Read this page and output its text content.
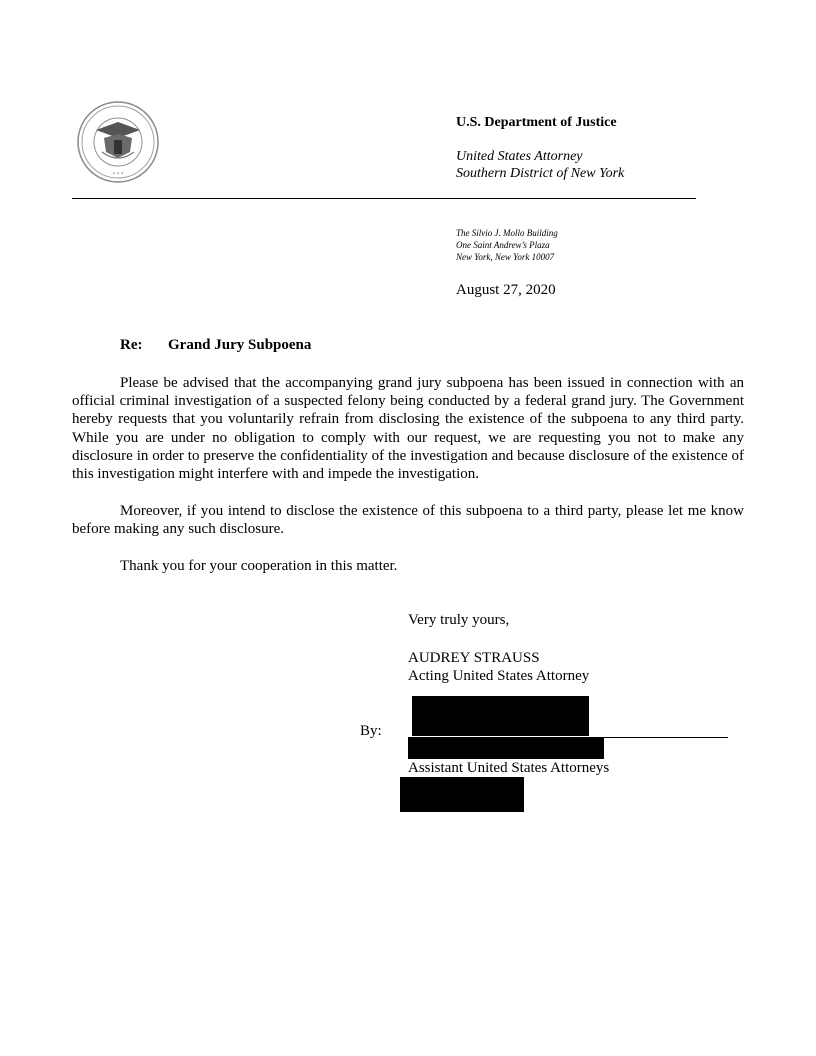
* * *
U.S. Department of Justice
United States Attorney
Southern District of New York
The Silvio J. Mollo Building
One Saint Andrew’s Plaza
New York, New York 10007
August 27, 2020
Re: Grand Jury Subpoena

Please be advised that the accompanying grand jury subpoena has been issued in connection with an official criminal investigation of a suspected felony being conducted by a federal grand jury. The Government hereby requests that you voluntarily refrain from disclosing the existence of the subpoena to any third party. While you are under no obligation to comply with our request, we are requesting you not to make any disclosure in order to preserve the confidentiality of the investigation and because disclosure of the existence of this investigation might interfere with and impede the investigation.

Moreover, if you intend to disclose the existence of this subpoena to a third party, please let me know before making any such disclosure.

Thank you for your cooperation in this matter.

Very truly yours,
AUDREY STRAUSS
Acting United States Attorney
By:
Assistant United States Attorneys
